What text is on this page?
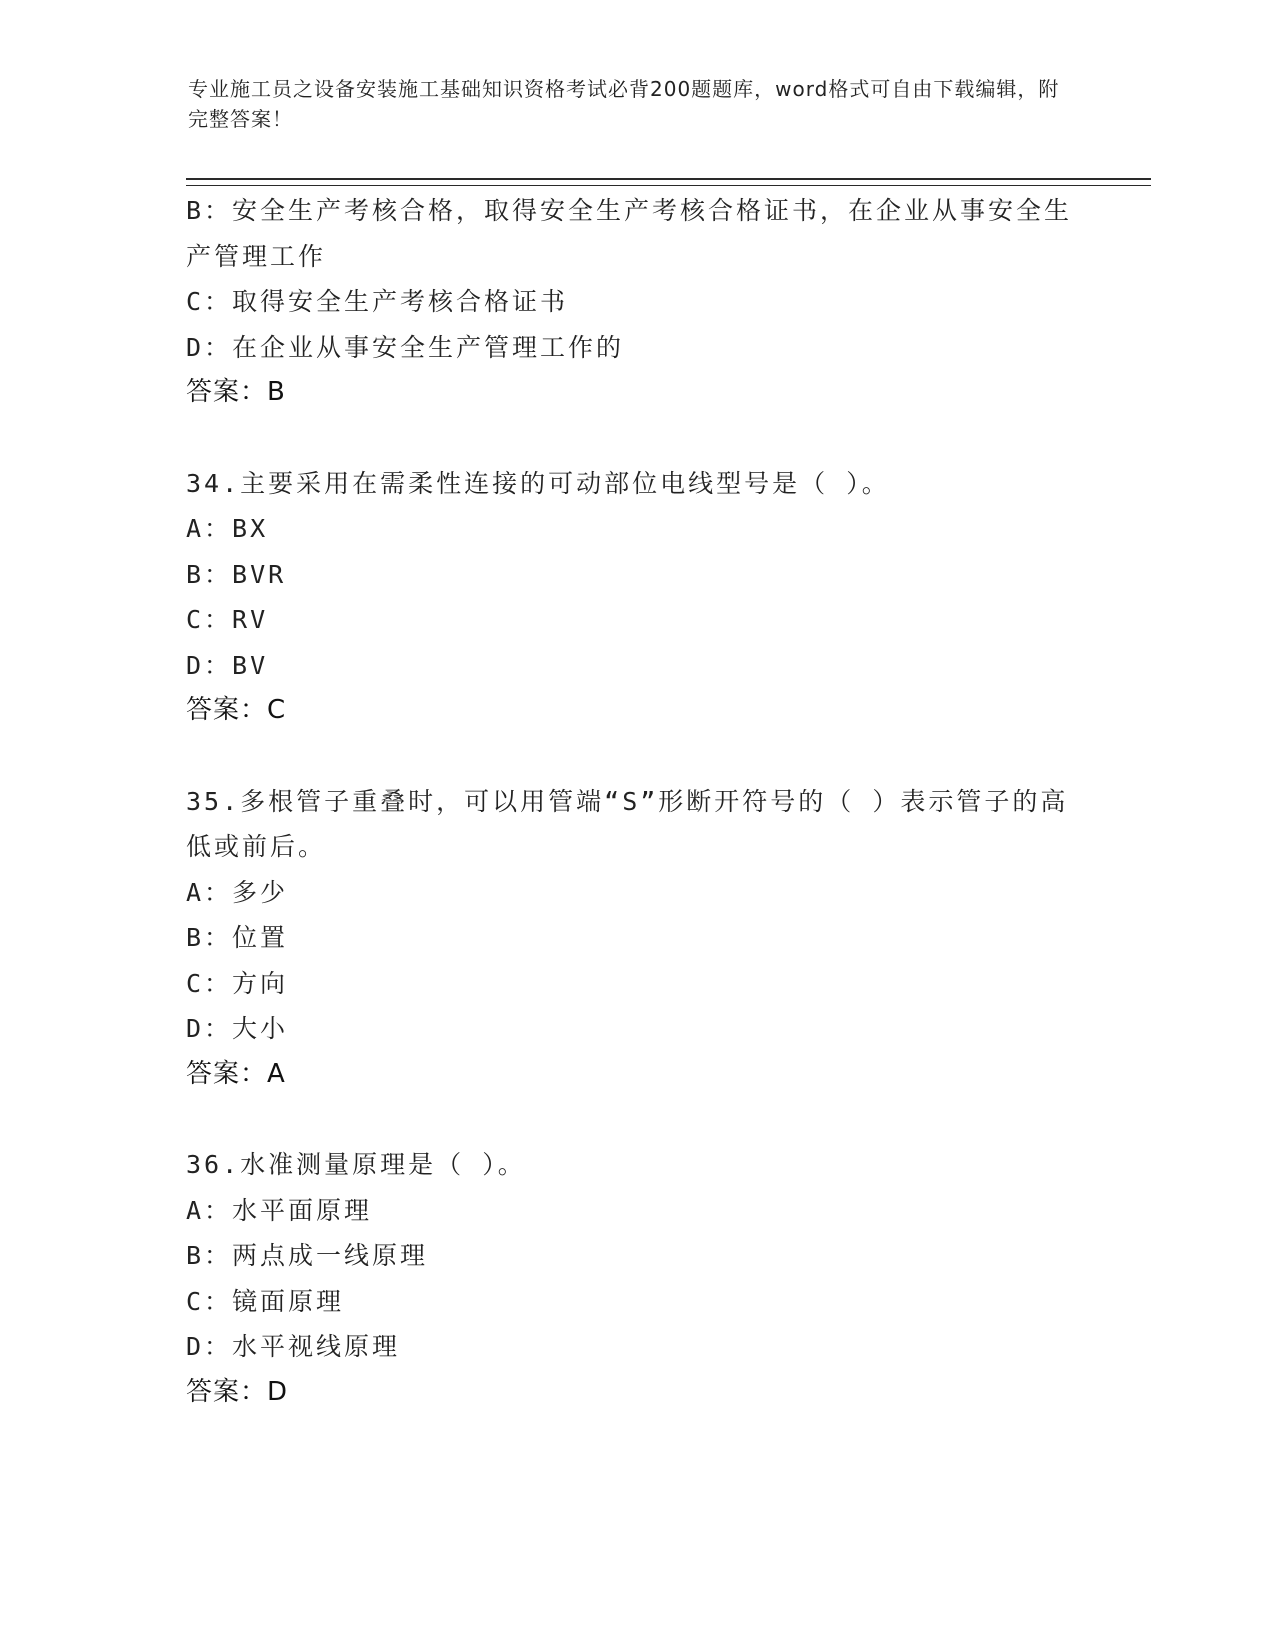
专业施工员之设备安装施工基础知识资格考试必背200题题库，word格式可自由下载编辑，附完整答案！
B：安全生产考核合格，取得安全生产考核合格证书，在企业从事安全生产管理工作
C：取得安全生产考核合格证书
D：在企业从事安全生产管理工作的
答案：B
34.主要采用在需柔性连接的可动部位电线型号是（ ）。
A：BX
B：BVR
C：RV
D：BV
答案：C
35.多根管子重叠时，可以用管端“S”形断开符号的（ ）表示管子的高低或前后。
A：多少
B：位置
C：方向
D：大小
答案：A
36.水准测量原理是（ ）。
A：水平面原理
B：两点成一线原理
C：镜面原理
D：水平视线原理
答案：D
